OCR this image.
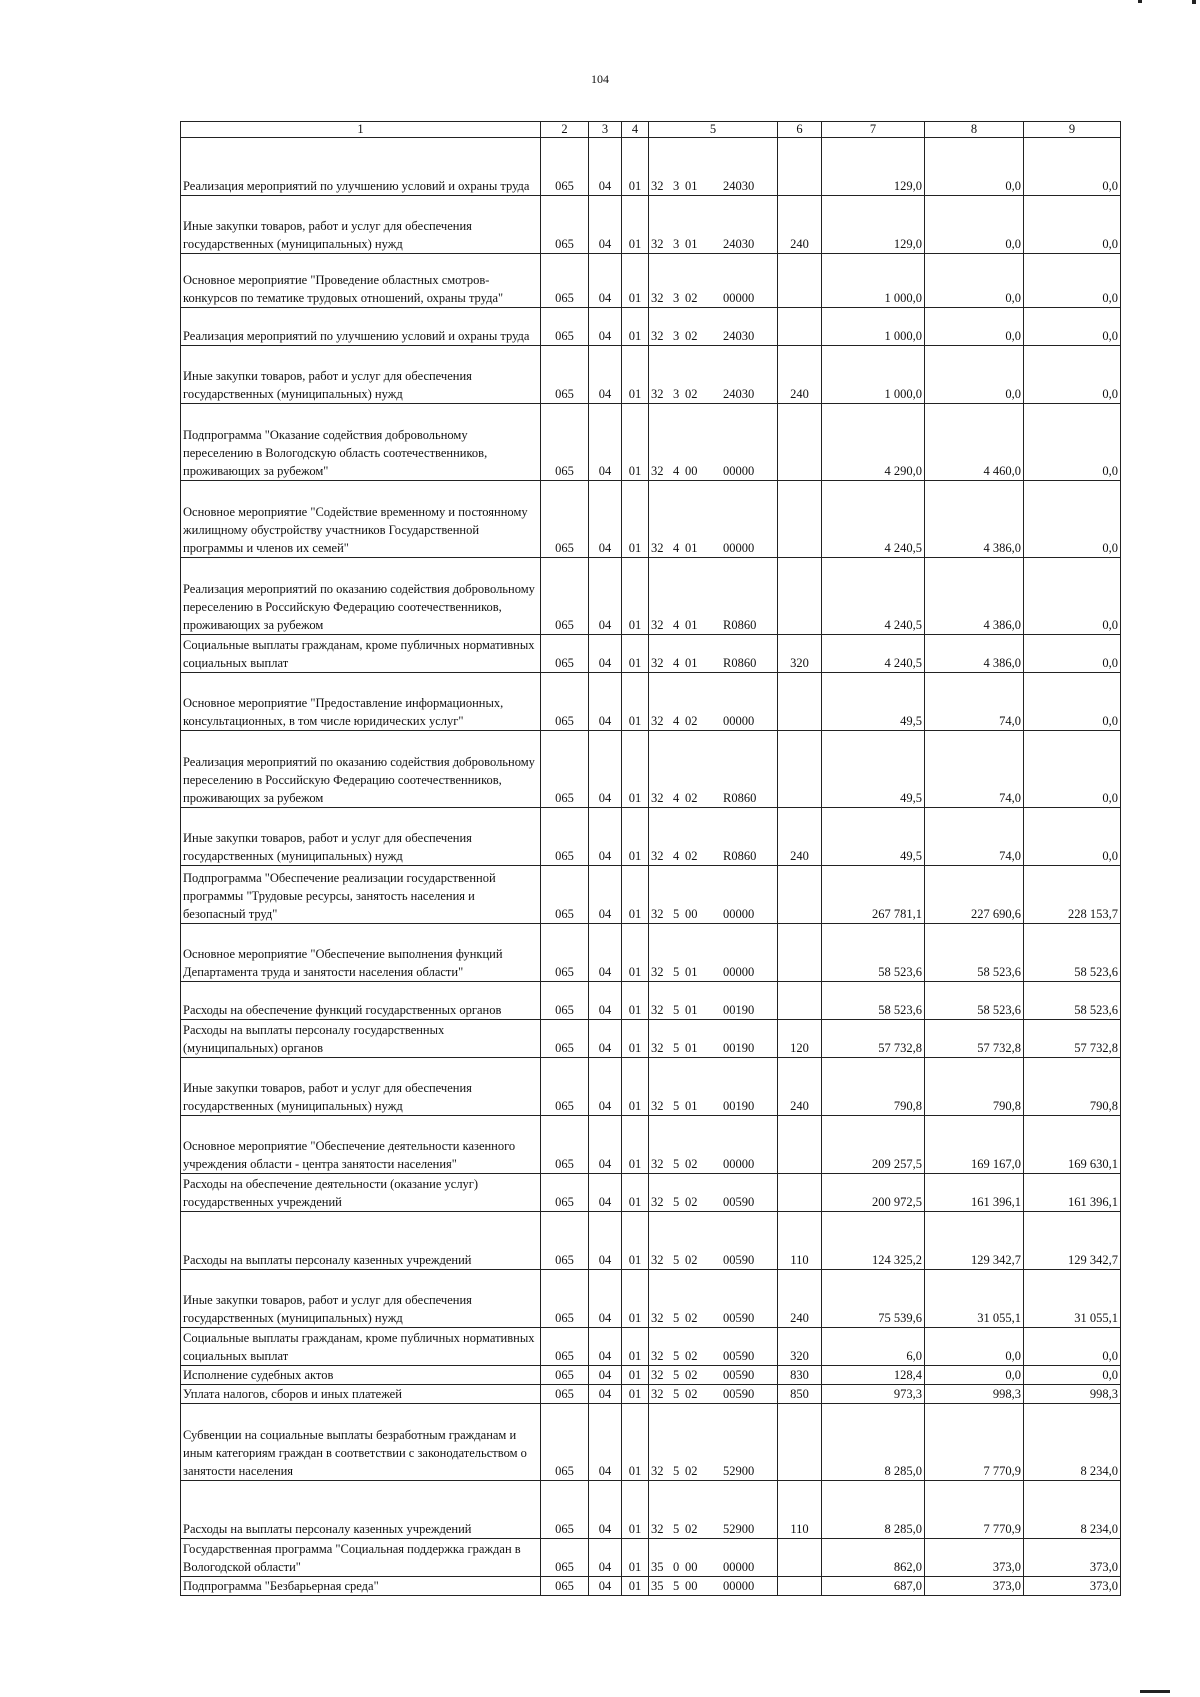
104
1	2	3	4	5	6	7	8	9
Реализация мероприятий по улучшению условий и охраны труда	065	04	01	32 3 01 24030		129,0	0,0	0,0
Иные закупки товаров, работ и услуг для обеспечения государственных (муниципальных) нужд	065	04	01	32 3 01 24030	240	129,0	0,0	0,0
Основное мероприятие "Проведение областных смотров-конкурсов по тематике трудовых отношений, охраны труда"	065	04	01	32 3 02 00000		1 000,0	0,0	0,0
Реализация мероприятий по улучшению условий и охраны труда	065	04	01	32 3 02 24030		1 000,0	0,0	0,0
Иные закупки товаров, работ и услуг для обеспечения государственных (муниципальных) нужд	065	04	01	32 3 02 24030	240	1 000,0	0,0	0,0
Подпрограмма "Оказание содействия добровольному переселению в Вологодскую область соотечественников, проживающих за рубежом"	065	04	01	32 4 00 00000		4 290,0	4 460,0	0,0
Основное мероприятие "Содействие временному и постоянному жилищному обустройству участников Государственной программы и членов их семей"	065	04	01	32 4 01 00000		4 240,5	4 386,0	0,0
Реализация мероприятий по оказанию содействия добровольному переселению в Российскую Федерацию соотечественников, проживающих за рубежом	065	04	01	32 4 01 R0860		4 240,5	4 386,0	0,0
Социальные выплаты гражданам, кроме публичных нормативных социальных выплат	065	04	01	32 4 01 R0860	320	4 240,5	4 386,0	0,0
Основное мероприятие "Предоставление информационных, консультационных, в том числе юридических услуг"	065	04	01	32 4 02 00000		49,5	74,0	0,0
Реализация мероприятий по оказанию содействия добровольному переселению в Российскую Федерацию соотечественников, проживающих за рубежом	065	04	01	32 4 02 R0860		49,5	74,0	0,0
Иные закупки товаров, работ и услуг для обеспечения государственных (муниципальных) нужд	065	04	01	32 4 02 R0860	240	49,5	74,0	0,0
Подпрограмма "Обеспечение реализации государственной программы "Трудовые ресурсы, занятость населения и безопасный труд"	065	04	01	32 5 00 00000		267 781,1	227 690,6	228 153,7
Основное мероприятие "Обеспечение выполнения функций Департамента труда и занятости населения области"	065	04	01	32 5 01 00000		58 523,6	58 523,6	58 523,6
Расходы на обеспечение функций государственных органов	065	04	01	32 5 01 00190		58 523,6	58 523,6	58 523,6
Расходы на выплаты персоналу государственных (муниципальных) органов	065	04	01	32 5 01 00190	120	57 732,8	57 732,8	57 732,8
Иные закупки товаров, работ и услуг для обеспечения государственных (муниципальных) нужд	065	04	01	32 5 01 00190	240	790,8	790,8	790,8
Основное мероприятие "Обеспечение деятельности казенного учреждения области - центра занятости населения"	065	04	01	32 5 02 00000		209 257,5	169 167,0	169 630,1
Расходы на обеспечение деятельности (оказание услуг) государственных учреждений	065	04	01	32 5 02 00590		200 972,5	161 396,1	161 396,1
Расходы на выплаты персоналу казенных учреждений	065	04	01	32 5 02 00590	110	124 325,2	129 342,7	129 342,7
Иные закупки товаров, работ и услуг для обеспечения государственных (муниципальных) нужд	065	04	01	32 5 02 00590	240	75 539,6	31 055,1	31 055,1
Социальные выплаты гражданам, кроме публичных нормативных социальных выплат	065	04	01	32 5 02 00590	320	6,0	0,0	0,0
Исполнение судебных актов	065	04	01	32 5 02 00590	830	128,4	0,0	0,0
Уплата налогов, сборов и иных платежей	065	04	01	32 5 02 00590	850	973,3	998,3	998,3
Субвенции на социальные выплаты безработным гражданам и иным категориям граждан в соответствии с законодательством о занятости населения	065	04	01	32 5 02 52900		8 285,0	7 770,9	8 234,0
Расходы на выплаты персоналу казенных учреждений	065	04	01	32 5 02 52900	110	8 285,0	7 770,9	8 234,0
Государственная программа "Социальная поддержка граждан в Вологодской области"	065	04	01	35 0 00 00000		862,0	373,0	373,0
Подпрограмма "Безбарьерная среда"	065	04	01	35 5 00 00000		687,0	373,0	373,0
